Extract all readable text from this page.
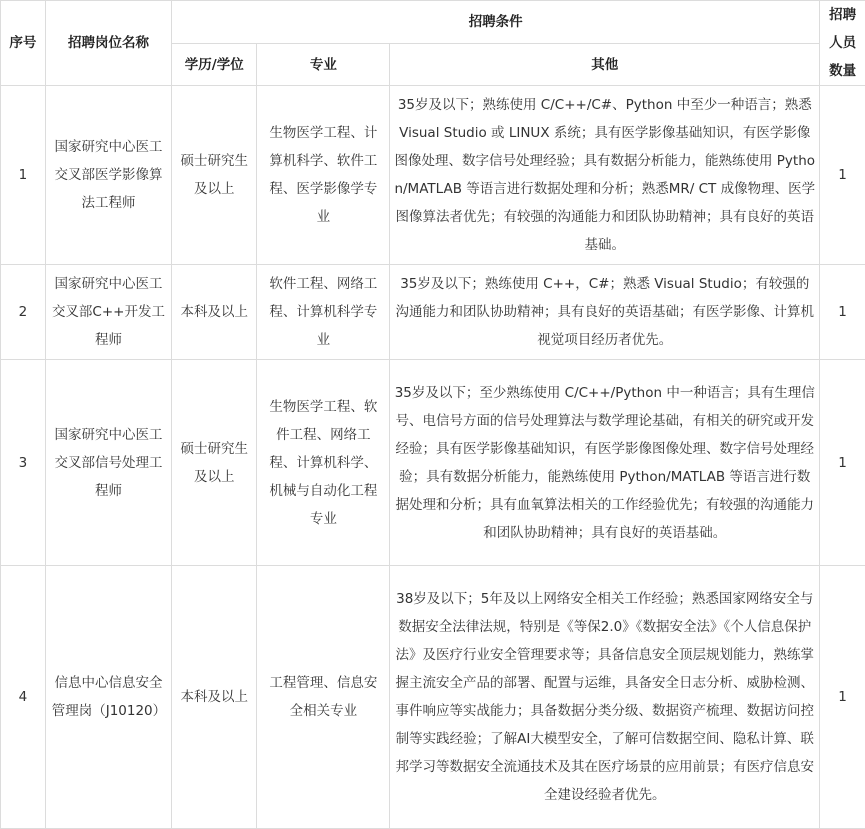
序号	招聘岗位名称	招聘条件			招聘人员数量
		学历/学位	专业	其他	
1	国家研究中心医工交叉部医学影像算法工程师	硕士研究生及以上	生物医学工程、计算机科学、软件工程、医学影像学专业	35岁及以下；熟练使用 C/C++/C#、Python 中至少一种语言；熟悉 Visual Studio 或 LINUX 系统；具有医学影像基础知识，有医学影像图像处理、数字信号处理经验；具有数据分析能力，能熟练使用 Python/MATLAB 等语言进行数据处理和分析；熟悉MR/ CT 成像物理、医学图像算法者优先；有较强的沟通能力和团队协助精神；具有良好的英语基础。	1
2	国家研究中心医工交叉部C++开发工程师	本科及以上	软件工程、网络工程、计算机科学专业	35岁及以下；熟练使用 C++，C#；熟悉 Visual Studio；有较强的沟通能力和团队协助精神；具有良好的英语基础；有医学影像、计算机视觉项目经历者优先。	1
3	国家研究中心医工交叉部信号处理工程师	硕士研究生及以上	生物医学工程、软件工程、网络工程、计算机科学、机械与自动化工程专业	35岁及以下；至少熟练使用 C/C++/Python 中一种语言；具有生理信号、电信号方面的信号处理算法与数学理论基础，有相关的研究或开发经验；具有医学影像基础知识，有医学影像图像处理、数字信号处理经验；具有数据分析能力，能熟练使用 Python/MATLAB 等语言进行数据处理和分析；具有血氧算法相关的工作经验优先；有较强的沟通能力和团队协助精神；具有良好的英语基础。	1
4	信息中心信息安全管理岗（J10120）	本科及以上	工程管理、信息安全相关专业	38岁及以下；5年及以上网络安全相关工作经验；熟悉国家网络安全与数据安全法律法规，特别是《等保2.0》《数据安全法》《个人信息保护法》及医疗行业安全管理要求等；具备信息安全顶层规划能力，熟练掌握主流安全产品的部署、配置与运维，具备安全日志分析、威胁检测、事件响应等实战能力；具备数据分类分级、数据资产梳理、数据访问控制等实践经验；了解AI大模型安全，了解可信数据空间、隐私计算、联邦学习等数据安全流通技术及其在医疗场景的应用前景；有医疗信息安全建设经验者优先。	1
